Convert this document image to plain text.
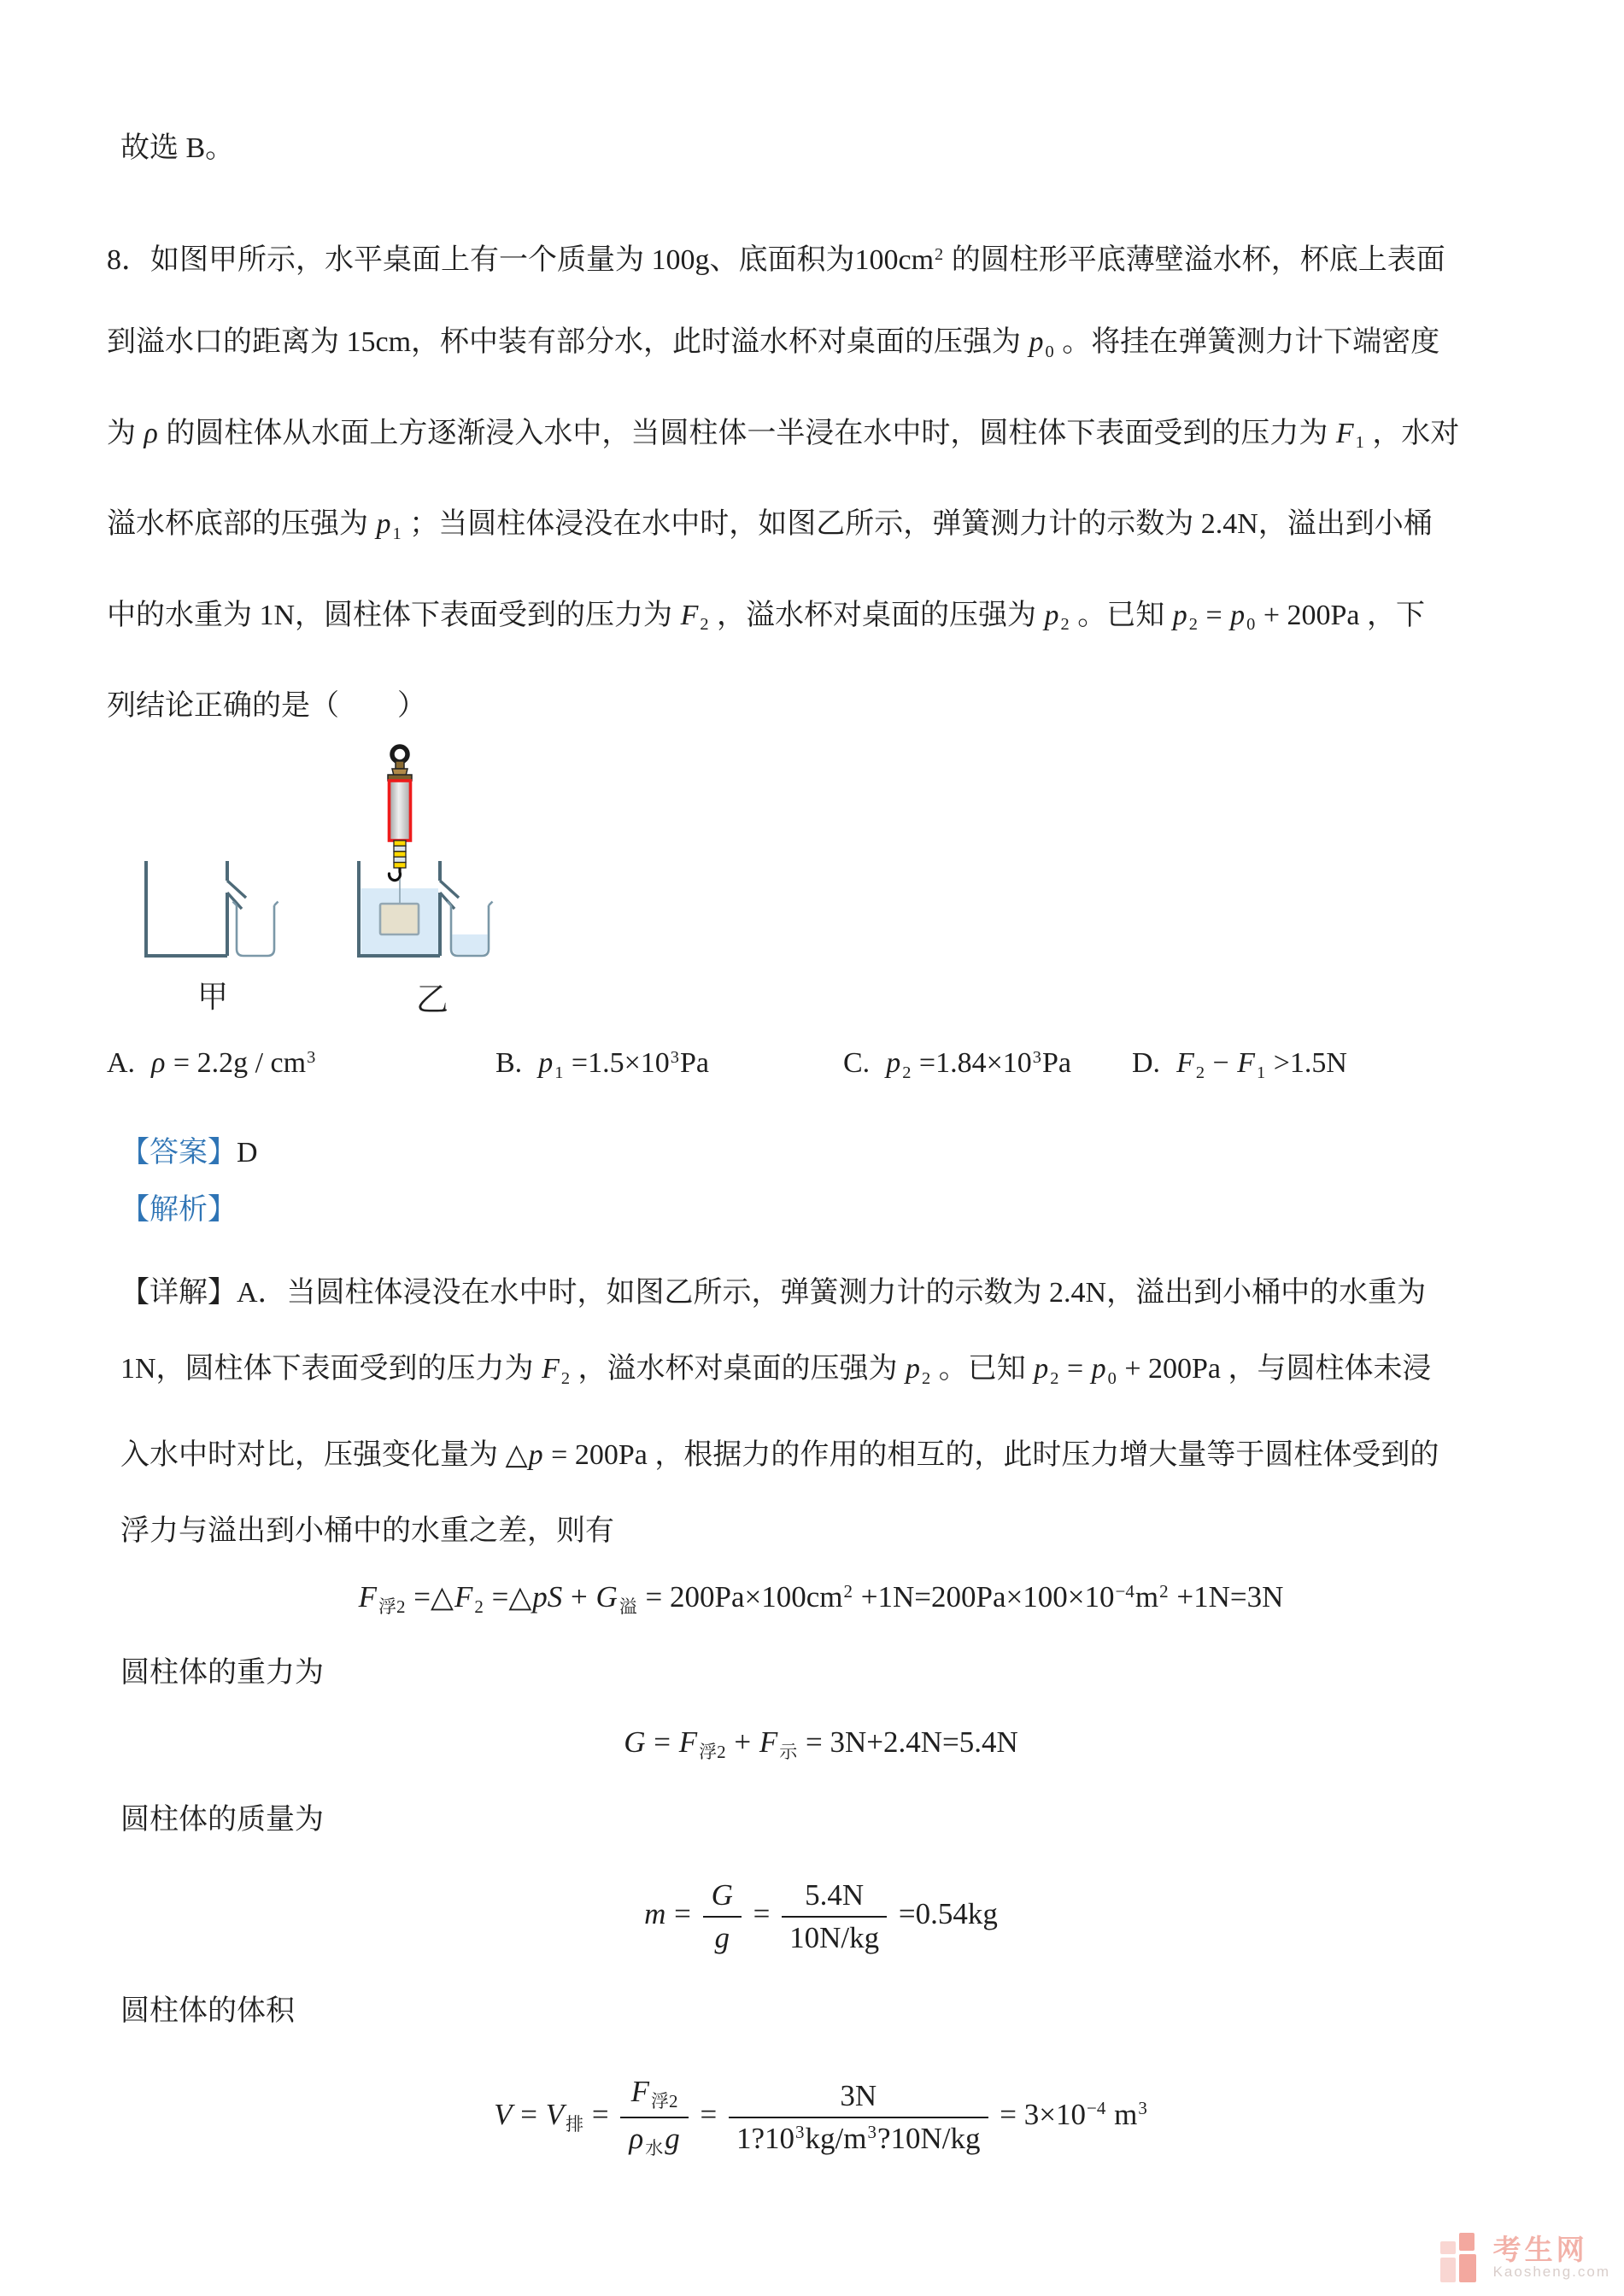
故选 B。
8．如图甲所示，水平桌面上有一个质量为 100g、底面积为$100cm^2$ 的圆柱形平底薄壁溢水杯，杯底上表面
到溢水口的距离为 15cm，杯中装有部分水，此时溢水杯对桌面的压强为 $p_0$ 。将挂在弹簧测力计下端密度
为 ρ 的圆柱体从水面上方逐渐浸入水中，当圆柱体一半浸在水中时，圆柱体下表面受到的压力为 $F_1$ ，水对
溢水杯底部的压强为 $p_1$ ；当圆柱体浸没在水中时，如图乙所示，弹簧测力计的示数为 2.4N，溢出到小桶
中的水重为 1N，圆柱体下表面受到的压力为 $F_2$ ，溢水杯对桌面的压强为 $p_2$ 。已知 $p_2 = p_0 + 200Pa$ ，下
列结论正确的是（　　）
甲	乙
A. $\rho = 2.2g / cm^3$	B. $p_1 =1.5\times 10^3Pa$	C. $p_2 =1.84\times 10^3Pa$ D. $F_2 - F_1 >1.5N$
【答案】D
【解析】
【详解】A．当圆柱体浸没在水中时，如图乙所示，弹簧测力计的示数为 2.4N，溢出到小桶中的水重为
1N，圆柱体下表面受到的压力为 $F_2$ ，溢水杯对桌面的压强为 $p_2$ 。已知 $p_2 = p_0 + 200Pa$ ，与圆柱体未浸
入水中时对比，压强变化量为 △p = 200Pa ，根据力的作用的相互的，此时压力增大量等于圆柱体受到的
浮力与溢出到小桶中的水重之差，则有
$F_{浮2}$ $=\triangle F_2$ =△pS + $G_溢 = 200Pa\times 100cm^2 +1N=200Pa\times 100\times 10^{-4}m^2 +1N=3N$
圆柱体的重力为
$G = F_{浮2} + F_示 = 3N+2.4N=5.4N$
圆柱体的质量为
$m = \frac{G}{g} = \frac{5.4N}{10N/kg} =0.54kg$
圆柱体的体积
$V = V_排 = \frac{F_{浮2}}{\rho_水g} = \frac{3N}{1?10^3kg/m^3?10N/kg} = 3\times 10^{-4}$ $m^3$
考生网
Kaosheng.com
